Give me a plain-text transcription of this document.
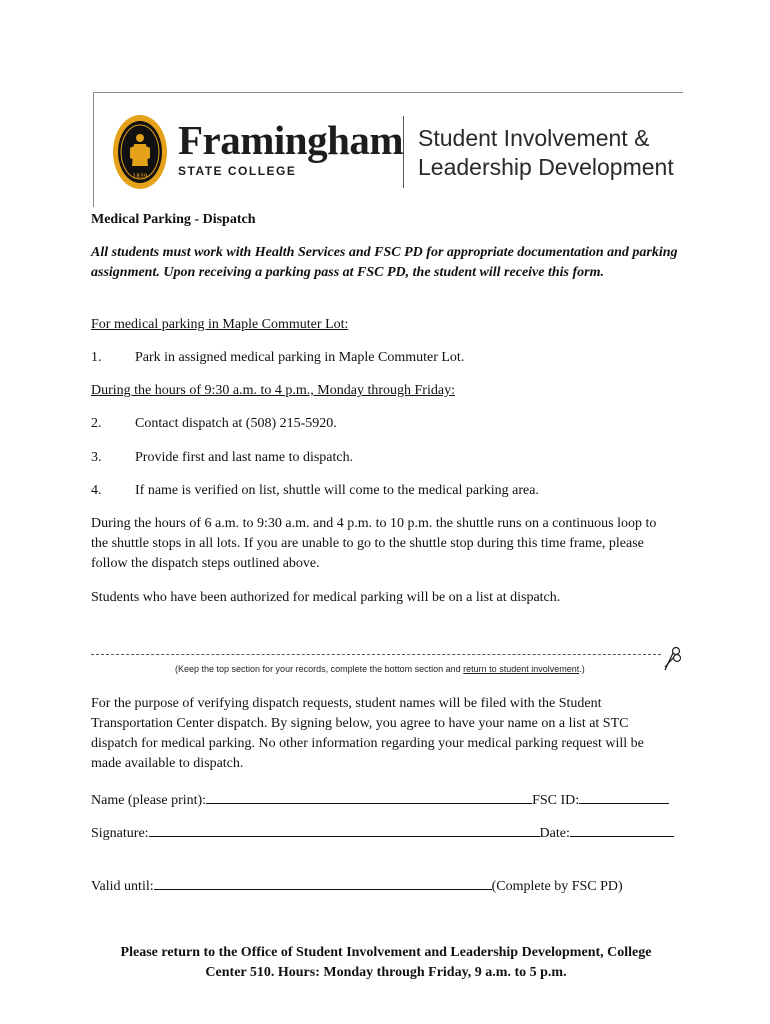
1839
Framingham
STATE COLLEGE
Student Involvement &
Leadership Development
Medical Parking - Dispatch
All students must work with Health Services and FSC PD for appropriate documentation and parking assignment. Upon receiving a parking pass at FSC PD, the student will receive this form.
For medical parking in Maple Commuter Lot:
1.	Park in assigned medical parking in Maple Commuter Lot.
During the hours of 9:30 a.m. to 4 p.m., Monday through Friday:
2.	Contact dispatch at (508) 215-5920.
3.	Provide first and last name to dispatch.
4.	If name is verified on list, shuttle will come to the medical parking area.
During the hours of 6 a.m. to 9:30 a.m. and 4 p.m. to 10 p.m. the shuttle runs on a continuous loop to the shuttle stops in all lots. If you are unable to go to the shuttle stop during this time frame, please follow the dispatch steps outlined above.
Students who have been authorized for medical parking will be on a list at dispatch.
(Keep the top section for your records, complete the bottom section and return to student involvement.)
For the purpose of verifying dispatch requests, student names will be filed with the Student Transportation Center dispatch. By signing below, you agree to have your name on a list at STC dispatch for medical parking. No other information regarding your medical parking request will be made available to dispatch.
Name (please print):	FSC ID:
Signature:	Date:
Valid until:	(Complete by FSC PD)
Please return to the Office of Student Involvement and Leadership Development, College
Center 510. Hours: Monday through Friday, 9 a.m. to 5 p.m.
